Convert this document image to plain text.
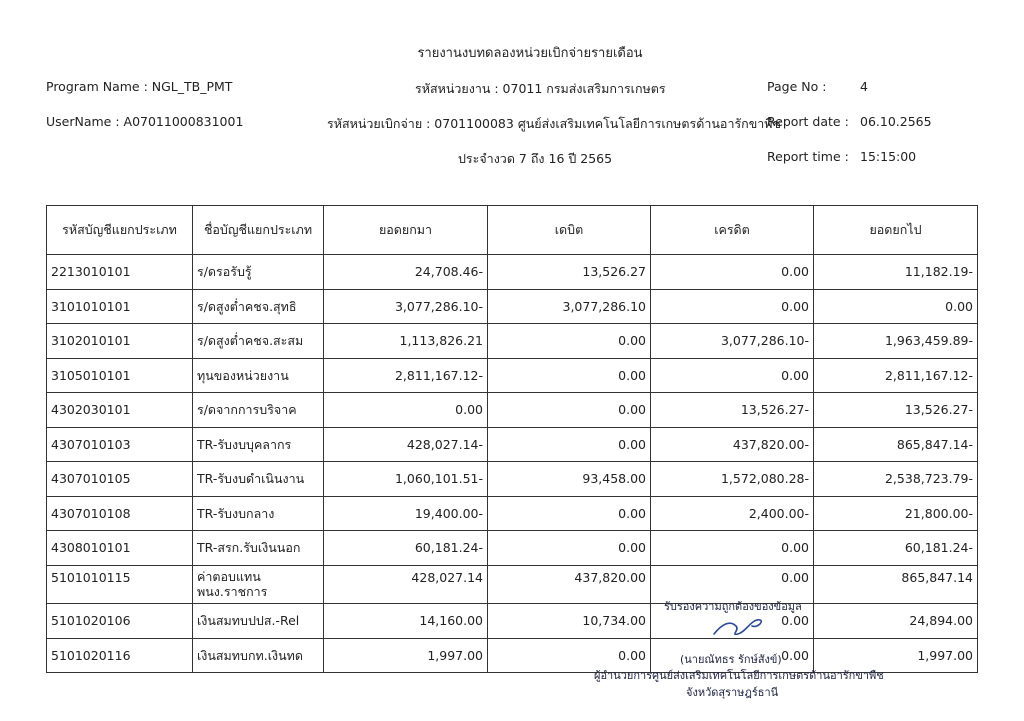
รายงานงบทดลองหน่วยเบิกจ่ายรายเดือน
Program Name : NGL_TB_PMT	รหัสหน่วยงาน : 07011 กรมส่งเสริมการเกษตร	Page No :	4
UserName : A07011000831001	รหัสหน่วยเบิกจ่าย : 0701100083 ศูนย์ส่งเสริมเทคโนโลยีการเกษตรด้านอารักขาพืช
Report date : 06.10.2565
ประจำงวด 7 ถึง 16 ปี 2565	Report time : 15:15:00
รหัสบัญชีแยกประเภท	ชื่อบัญชีแยกประเภท	ยอดยกมา	เดบิต	เครดิต	ยอดยกไป
2213010101	ร/ดรอรับรู้	24,708.46-	13,526.27	0.00	11,182.19-
3101010101	ร/ดสูงต่ำคชจ.สุทธิ	3,077,286.10-	3,077,286.10	0.00	0.00
3102010101	ร/ดสูงต่ำคชจ.สะสม	1,113,826.21	0.00	3,077,286.10-	1,963,459.89-
3105010101	ทุนของหน่วยงาน	2,811,167.12-	0.00	0.00	2,811,167.12-
4302030101	ร/ดจากการบริจาค	0.00	0.00	13,526.27-	13,526.27-
4307010103	TR-รับงบบุคลากร	428,027.14-	0.00	437,820.00-	865,847.14-
4307010105	TR-รับงบดำเนินงาน	1,060,101.51-	93,458.00	1,572,080.28-	2,538,723.79-
4307010108	TR-รับงบกลาง	19,400.00-	0.00	2,400.00-	21,800.00-
4308010101	TR-สรก.รับเงินนอก	60,181.24-	0.00	0.00	60,181.24-
5101010115	ค่าตอบแทนพนง.ราชการ	428,027.14	437,820.00	0.00	865,847.14
5101020106	เงินสมทบปปส.-Rel	14,160.00	10,734.00	0.00	24,894.00
5101020116	เงินสมทบกท.เงินทด	1,997.00	0.00	0.00	1,997.00
รับรองความถูกต้องของข้อมูล
(นายณัทธร รักษ์สังข์)
ผู้อำนวยการศูนย์ส่งเสริมเทคโนโลยีการเกษตรด้านอารักขาพืช
จังหวัดสุราษฎร์ธานี
